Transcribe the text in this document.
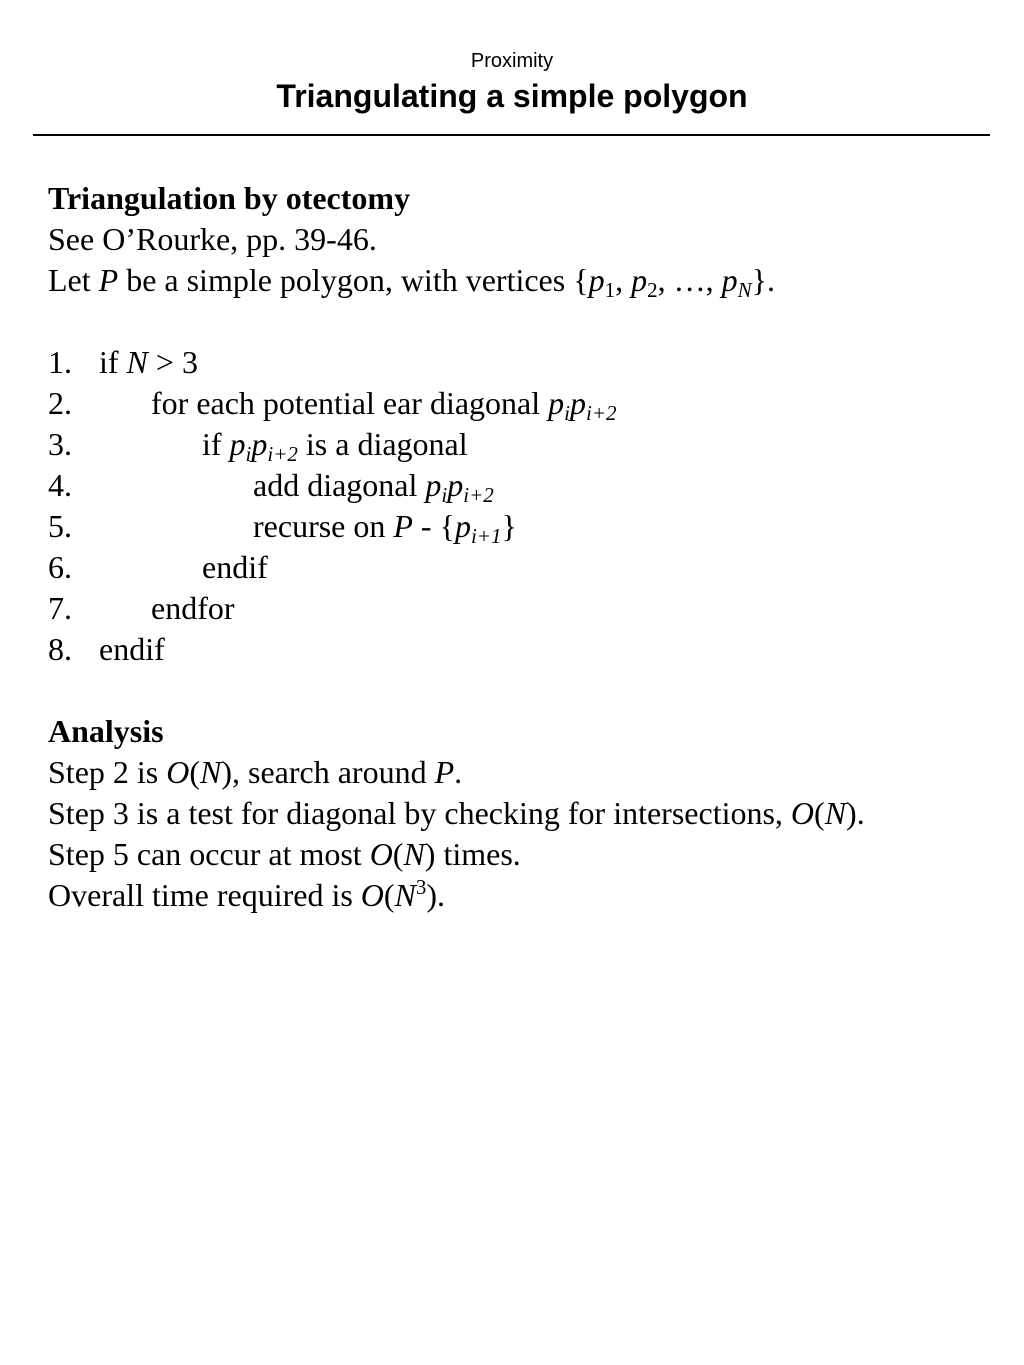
Proximity
Triangulating a simple polygon
Triangulation by otectomy
See O’Rourke, pp. 39-46.
Let P be a simple polygon, with vertices {$p_1$, $p_2$, …, $p_N$}.
1. if N > 3
2. for each potential ear diagonal $p_ip_{i+2}$
3.	if $p_ip_{i+2}$ is a diagonal
4.	add diagonal $p_ip_{i+2}$
5.	recurse on P - $\{p_{i+1}\}$
6.	endif
7. endfor
8. endif
Analysis
Step 2 is O(N), search around P.
Step 3 is a test for diagonal by checking for intersections, O(N).
Step 5 can occur at most O(N) times.
Overall time required is $O(N^3)$.
